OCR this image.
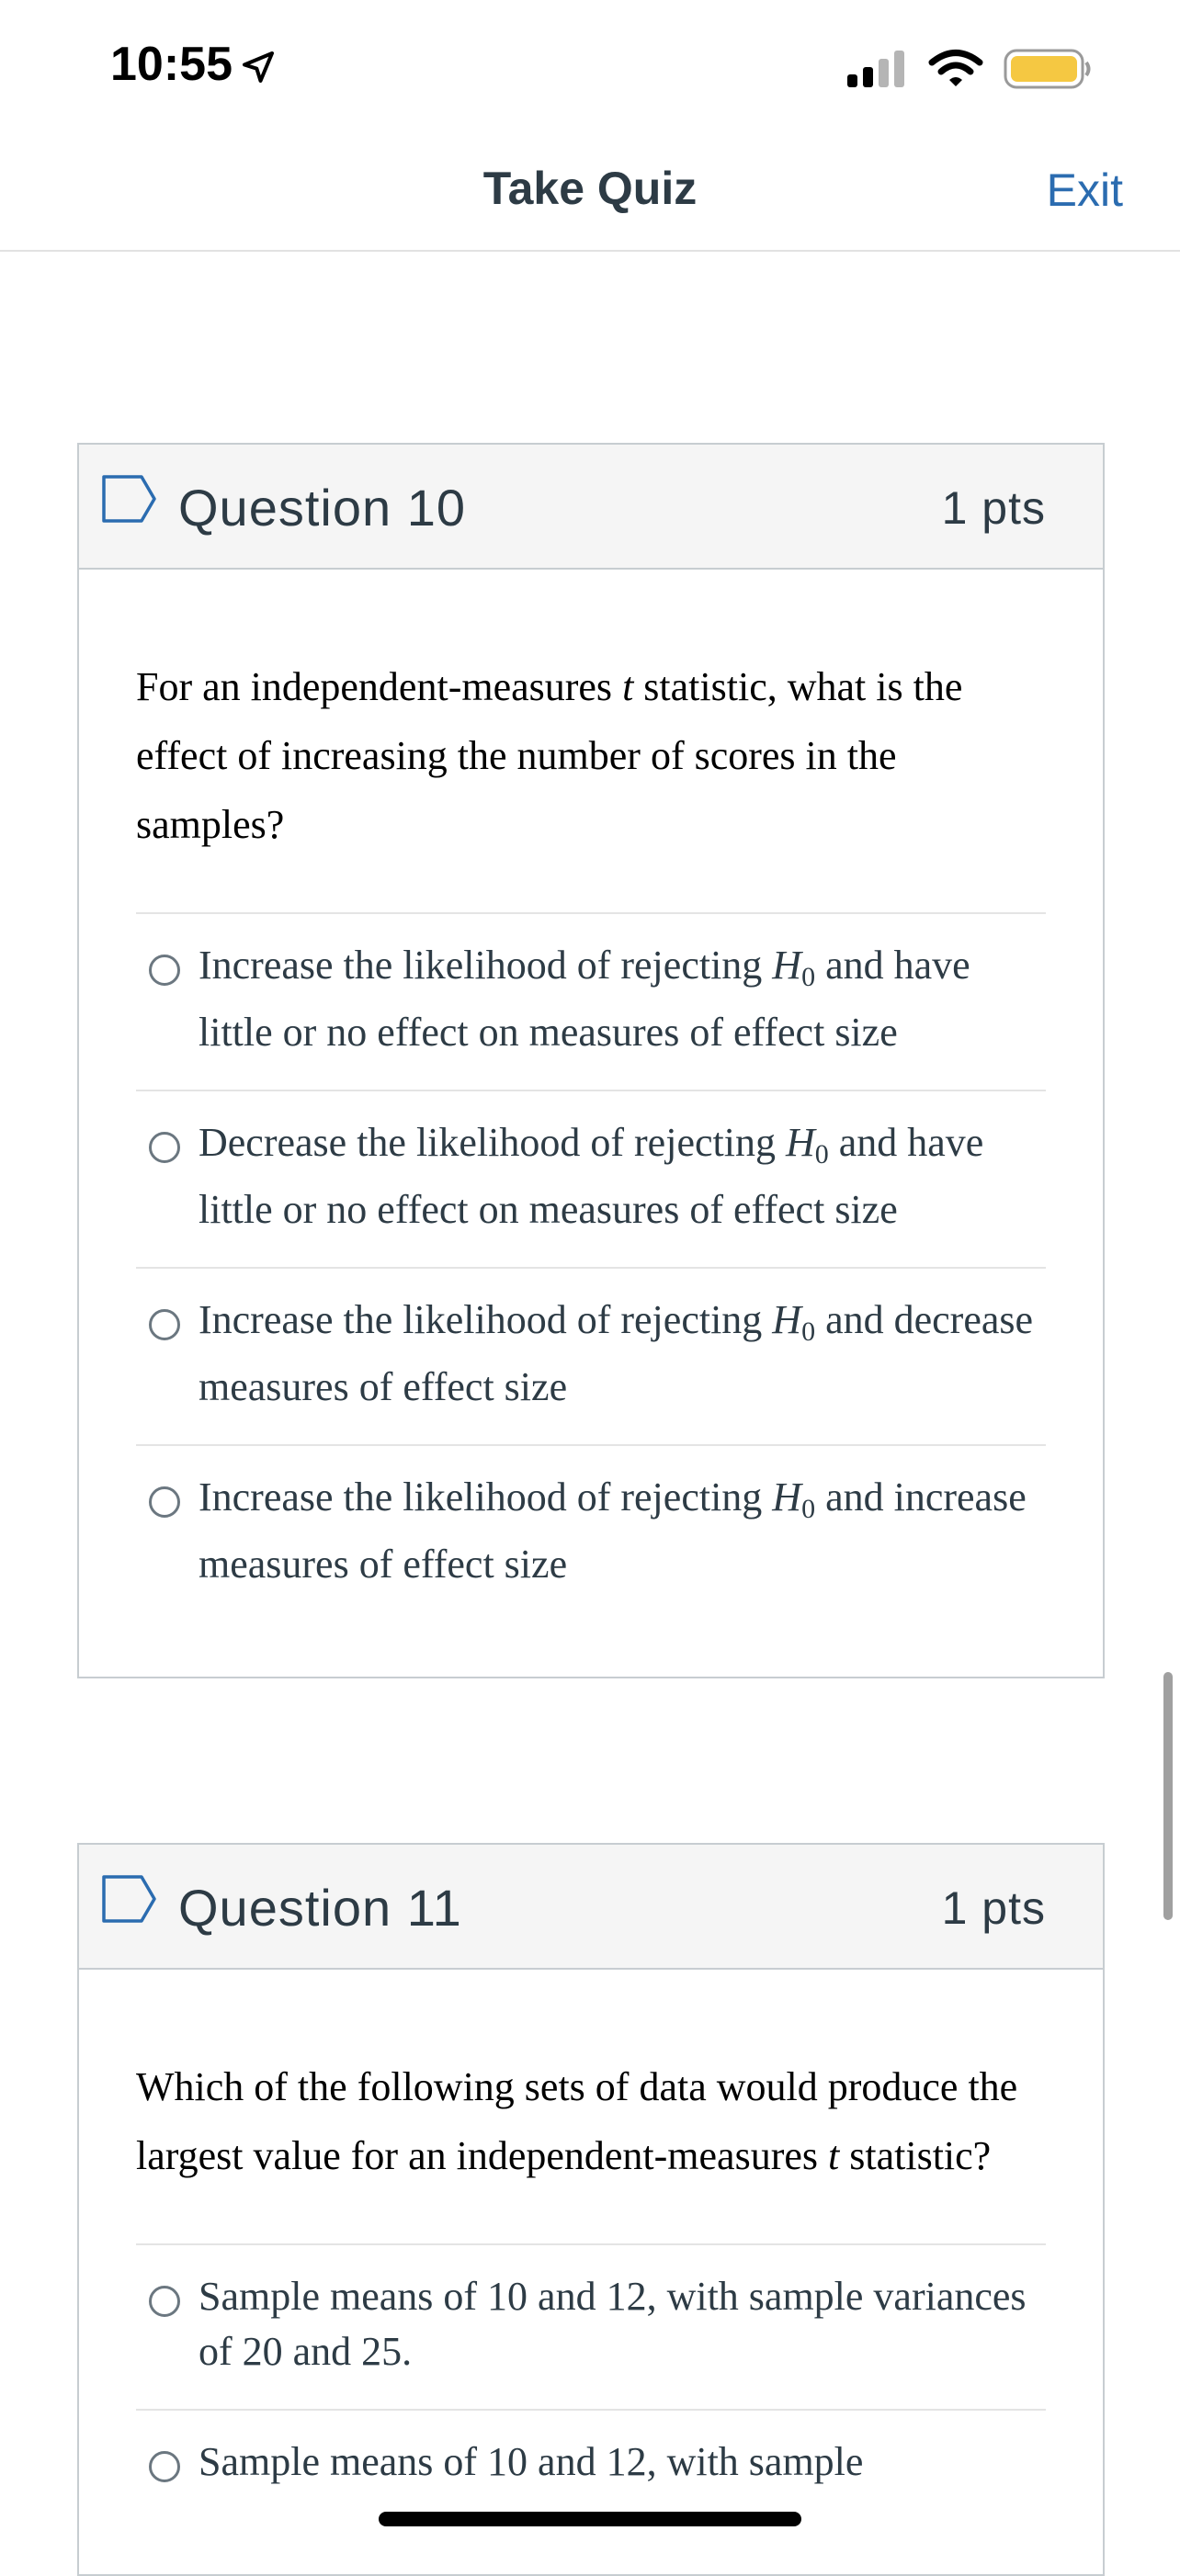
10:55
Take Quiz	Exit
Question 10	1 pts
For an independent-measures t statistic, what is the effect of increasing the number of scores in the samples?
Increase the likelihood of rejecting H0 and have little or no effect on measures of effect size
Decrease the likelihood of rejecting H0 and have little or no effect on measures of effect size
Increase the likelihood of rejecting H0 and decrease measures of effect size
Increase the likelihood of rejecting H0 and increase measures of effect size
Question 11	1 pts
Which of the following sets of data would produce the largest value for an independent-measures t statistic?
Sample means of 10 and 12, with sample variances of 20 and 25.
Sample means of 10 and 12, with sample
